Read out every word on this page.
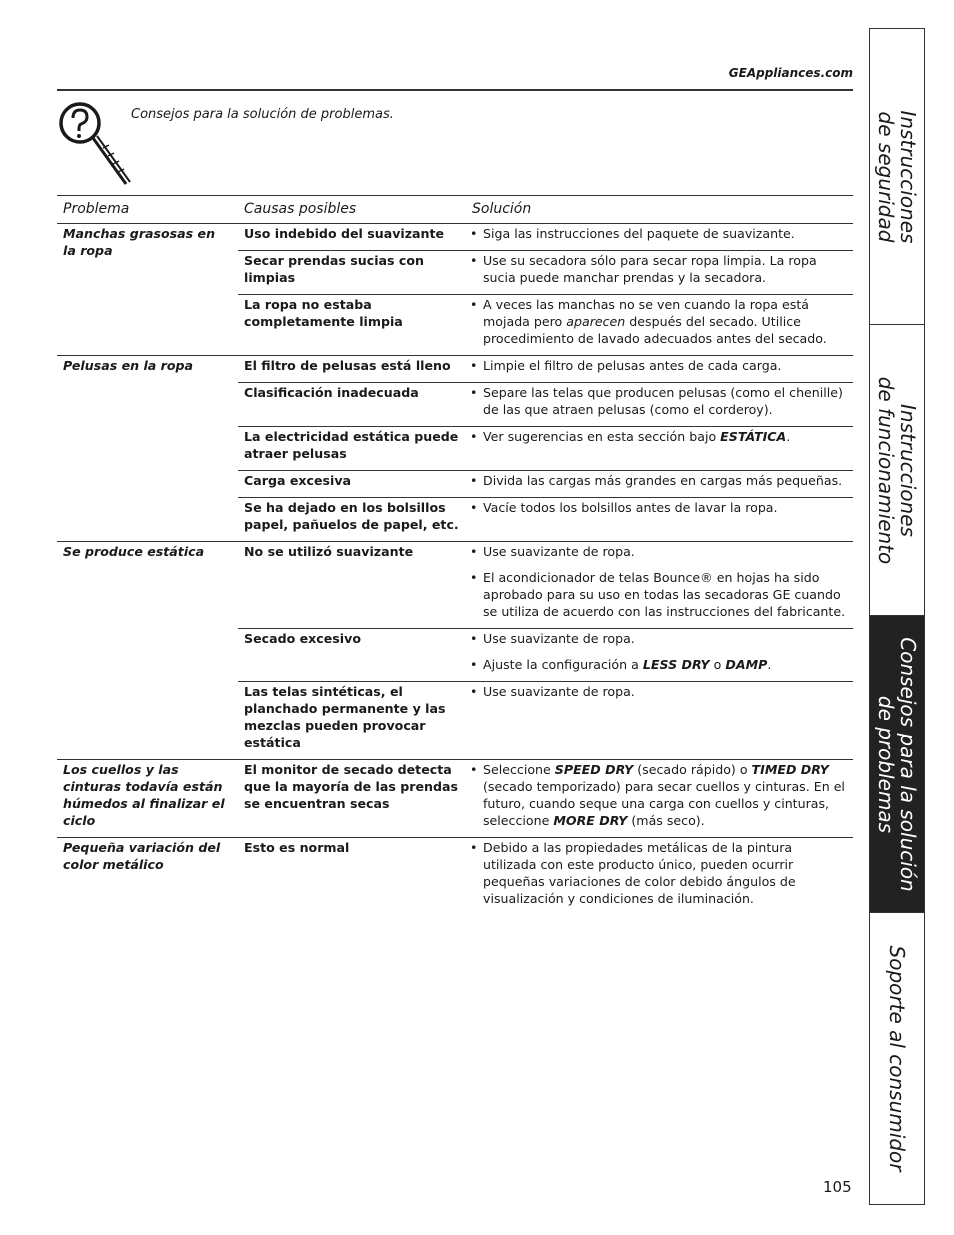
GEAppliances.com
Consejos para la solución de problemas.
Problema	Causas posibles	Solución
Manchas grasosas en la ropa	Uso indebido del suavizante	• Siga las instrucciones del paquete de suavizante.

	Secar prendas sucias con limpias	• Use su secadora sólo para secar ropa limpia. La ropa sucia puede manchar prendas y la secadora.

	La ropa no estaba completamente limpia	• A veces las manchas no se ven cuando la ropa está mojada pero aparecen después del secado. Utilice procedimiento de lavado adecuados antes del secado.

Pelusas en la ropa	El filtro de pelusas está lleno	• Limpie el filtro de pelusas antes de cada carga.

	Clasificación inadecuada	• Separe las telas que producen pelusas (como el chenille) de las que atraen pelusas (como el corderoy).

	La electricidad estática puede atraer pelusas	• Ver sugerencias en esta sección bajo ESTÁTICA.

	Carga excesiva	• Divida las cargas más grandes en cargas más pequeñas.

	Se ha dejado en los bolsillos papel, pañuelos de papel, etc.	• Vacíe todos los bolsillos antes de lavar la ropa.

Se produce estática	No se utilizó suavizante	• Use suavizante de ropa.
• El acondicionador de telas Bounce® en hojas ha sido aprobado para su uso en todas las secadoras GE cuando se utiliza de acuerdo con las instrucciones del fabricante.

	Secado excesivo	• Use suavizante de ropa.
• Ajuste la configuración a LESS DRY o DAMP.

	Las telas sintéticas, el planchado permanente y las mezclas pueden provocar estática	• Use suavizante de ropa.

Los cuellos y las cinturas todavía están húmedos al finalizar el ciclo	El monitor de secado detecta que la mayoría de las prendas se encuentran secas	• Seleccione SPEED DRY (secado rápido) o TIMED DRY (secado temporizado) para secar cuellos y cinturas. En el futuro, cuando seque una carga con cuellos y cinturas, seleccione MORE DRY (más seco).

Pequeña variación del color metálico	Esto es normal	• Debido a las propiedades metálicas de la pintura utilizada con este producto único, pueden ocurrir pequeñas variaciones de color debido ángulos de visualización y condiciones de iluminación.
Instrucciones
de seguridad
Instrucciones
de funcionamiento
Consejos para la solución
de problemas
Soporte al consumidor
105
